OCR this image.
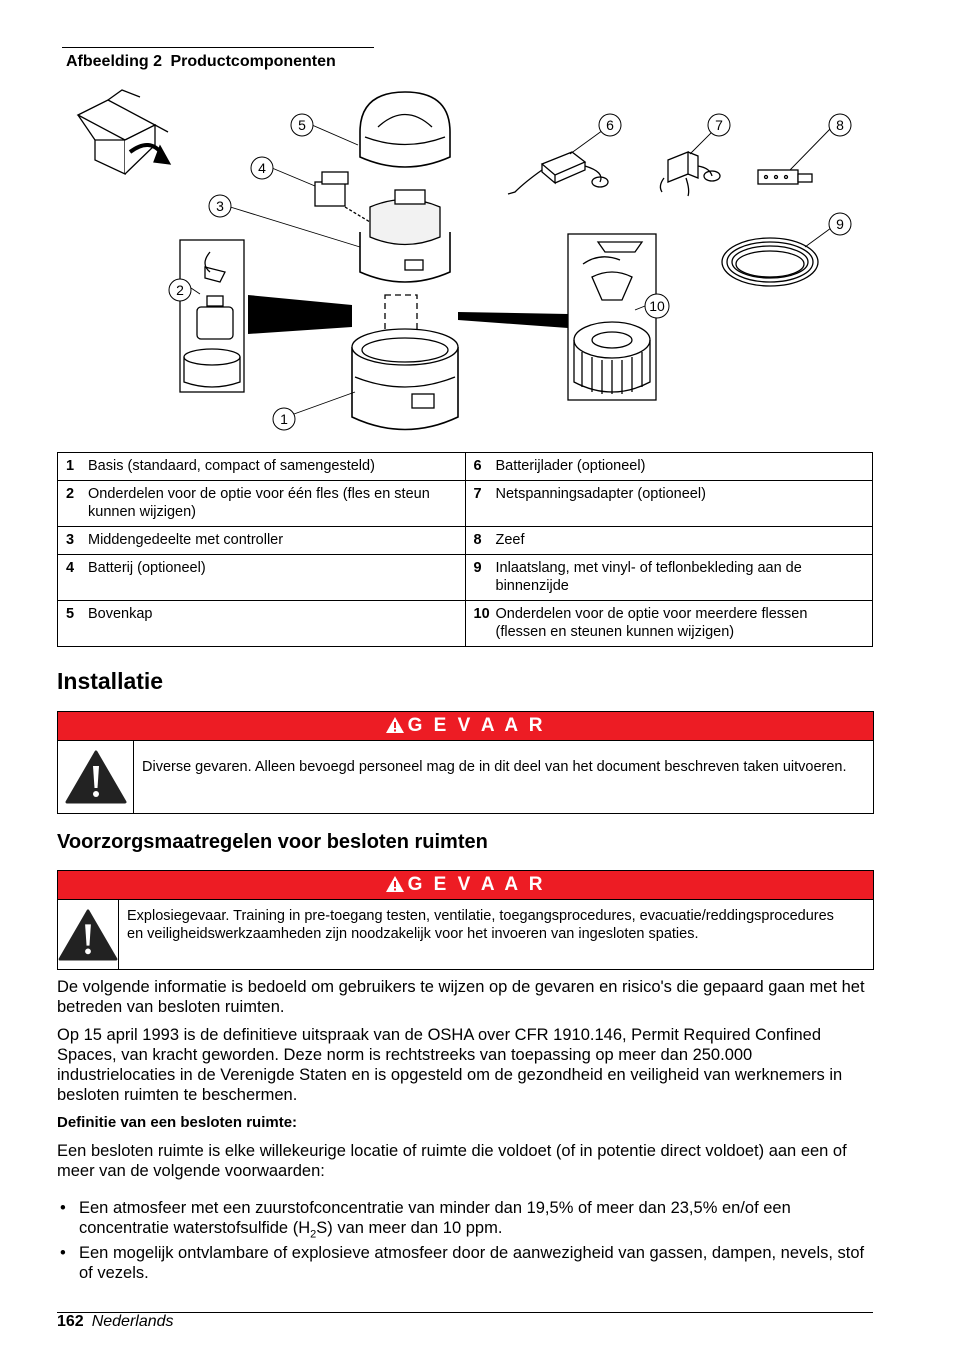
Afbeelding 2 Productcomponenten
5
4
3
2
1
6	7	8
9
10
1 Basis (standaard, compact of samengesteld)	6 Batterijlader (optioneel)
2 Onderdelen voor de optie voor één fles (fles en steun kunnen wijzigen)	7 Netspanningsadapter (optioneel)
3 Middengedeelte met controller	8 Zeef
4 Batterij (optioneel)	9 Inlaatslang, met vinyl- of teflonbekleding aan de binnenzijde
5 Bovenkap	10 Onderdelen voor de optie voor meerdere flessen (flessen en steunen kunnen wijzigen)
Installatie
G E V A A R
Diverse gevaren. Alleen bevoegd personeel mag de in dit deel van het document beschreven taken uitvoeren.
Voorzorgsmaatregelen voor besloten ruimten
G E V A A R
Explosiegevaar. Training in pre-toegang testen, ventilatie, toegangsprocedures, evacuatie/reddingsprocedures en veiligheidswerkzaamheden zijn noodzakelijk voor het invoeren van ingesloten spaties.
De volgende informatie is bedoeld om gebruikers te wijzen op de gevaren en risico's die gepaard gaan met het betreden van besloten ruimten.
Op 15 april 1993 is de definitieve uitspraak van de OSHA over CFR 1910.146, Permit Required Confined Spaces, van kracht geworden. Deze norm is rechtstreeks van toepassing op meer dan 250.000 industrielocaties in de Verenigde Staten en is opgesteld om de gezondheid en veiligheid van werknemers in besloten ruimten te beschermen.
Definitie van een besloten ruimte:
Een besloten ruimte is elke willekeurige locatie of ruimte die voldoet (of in potentie direct voldoet) aan een of meer van de volgende voorwaarden:
• Een atmosfeer met een zuurstofconcentratie van minder dan 19,5% of meer dan 23,5% en/of een concentratie waterstofsulfide $(H_2S)$ van meer dan 10 ppm.
• Een mogelijk ontvlambare of explosieve atmosfeer door de aanwezigheid van gassen, dampen, nevels, stof of vezels.
162 Nederlands
